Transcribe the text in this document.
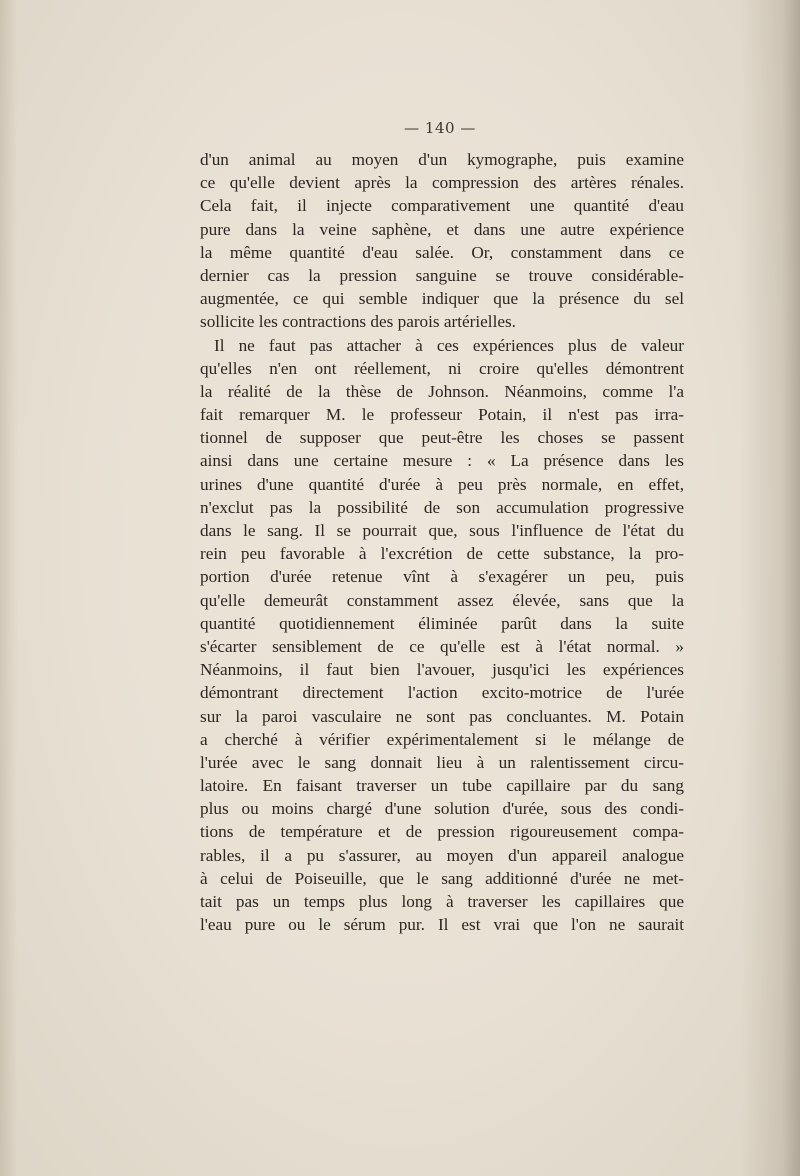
— 140 —
d'un animal au moyen d'un kymographe, puis examine
ce qu'elle devient après la compression des artères rénales.
Cela fait, il injecte comparativement une quantité d'eau
pure dans la veine saphène, et dans une autre expérience
la même quantité d'eau salée. Or, constamment dans ce
dernier cas la pression sanguine se trouve considérable-
augmentée, ce qui semble indiquer que la présence du sel
sollicite les contractions des parois artérielles.
Il ne faut pas attacher à ces expériences plus de valeur
qu'elles n'en ont réellement, ni croire qu'elles démontrent
la réalité de la thèse de Johnson. Néanmoins, comme l'a
fait remarquer M. le professeur Potain, il n'est pas irra-
tionnel de supposer que peut-être les choses se passent
ainsi dans une certaine mesure : « La présence dans les
urines d'une quantité d'urée à peu près normale, en effet,
n'exclut pas la possibilité de son accumulation progressive
dans le sang. Il se pourrait que, sous l'influence de l'état du
rein peu favorable à l'excrétion de cette substance, la pro-
portion d'urée retenue vînt à s'exagérer un peu, puis
qu'elle demeurât constamment assez élevée, sans que la
quantité quotidiennement éliminée parût dans la suite
s'écarter sensiblement de ce qu'elle est à l'état normal. »
Néanmoins, il faut bien l'avouer, jusqu'ici les expériences
démontrant directement l'action excito-motrice de l'urée
sur la paroi vasculaire ne sont pas concluantes. M. Potain
a cherché à vérifier expérimentalement si le mélange de
l'urée avec le sang donnait lieu à un ralentissement circu-
latoire. En faisant traverser un tube capillaire par du sang
plus ou moins chargé d'une solution d'urée, sous des condi-
tions de température et de pression rigoureusement compa-
rables, il a pu s'assurer, au moyen d'un appareil analogue
à celui de Poiseuille, que le sang additionné d'urée ne met-
tait pas un temps plus long à traverser les capillaires que
l'eau pure ou le sérum pur. Il est vrai que l'on ne saurait
